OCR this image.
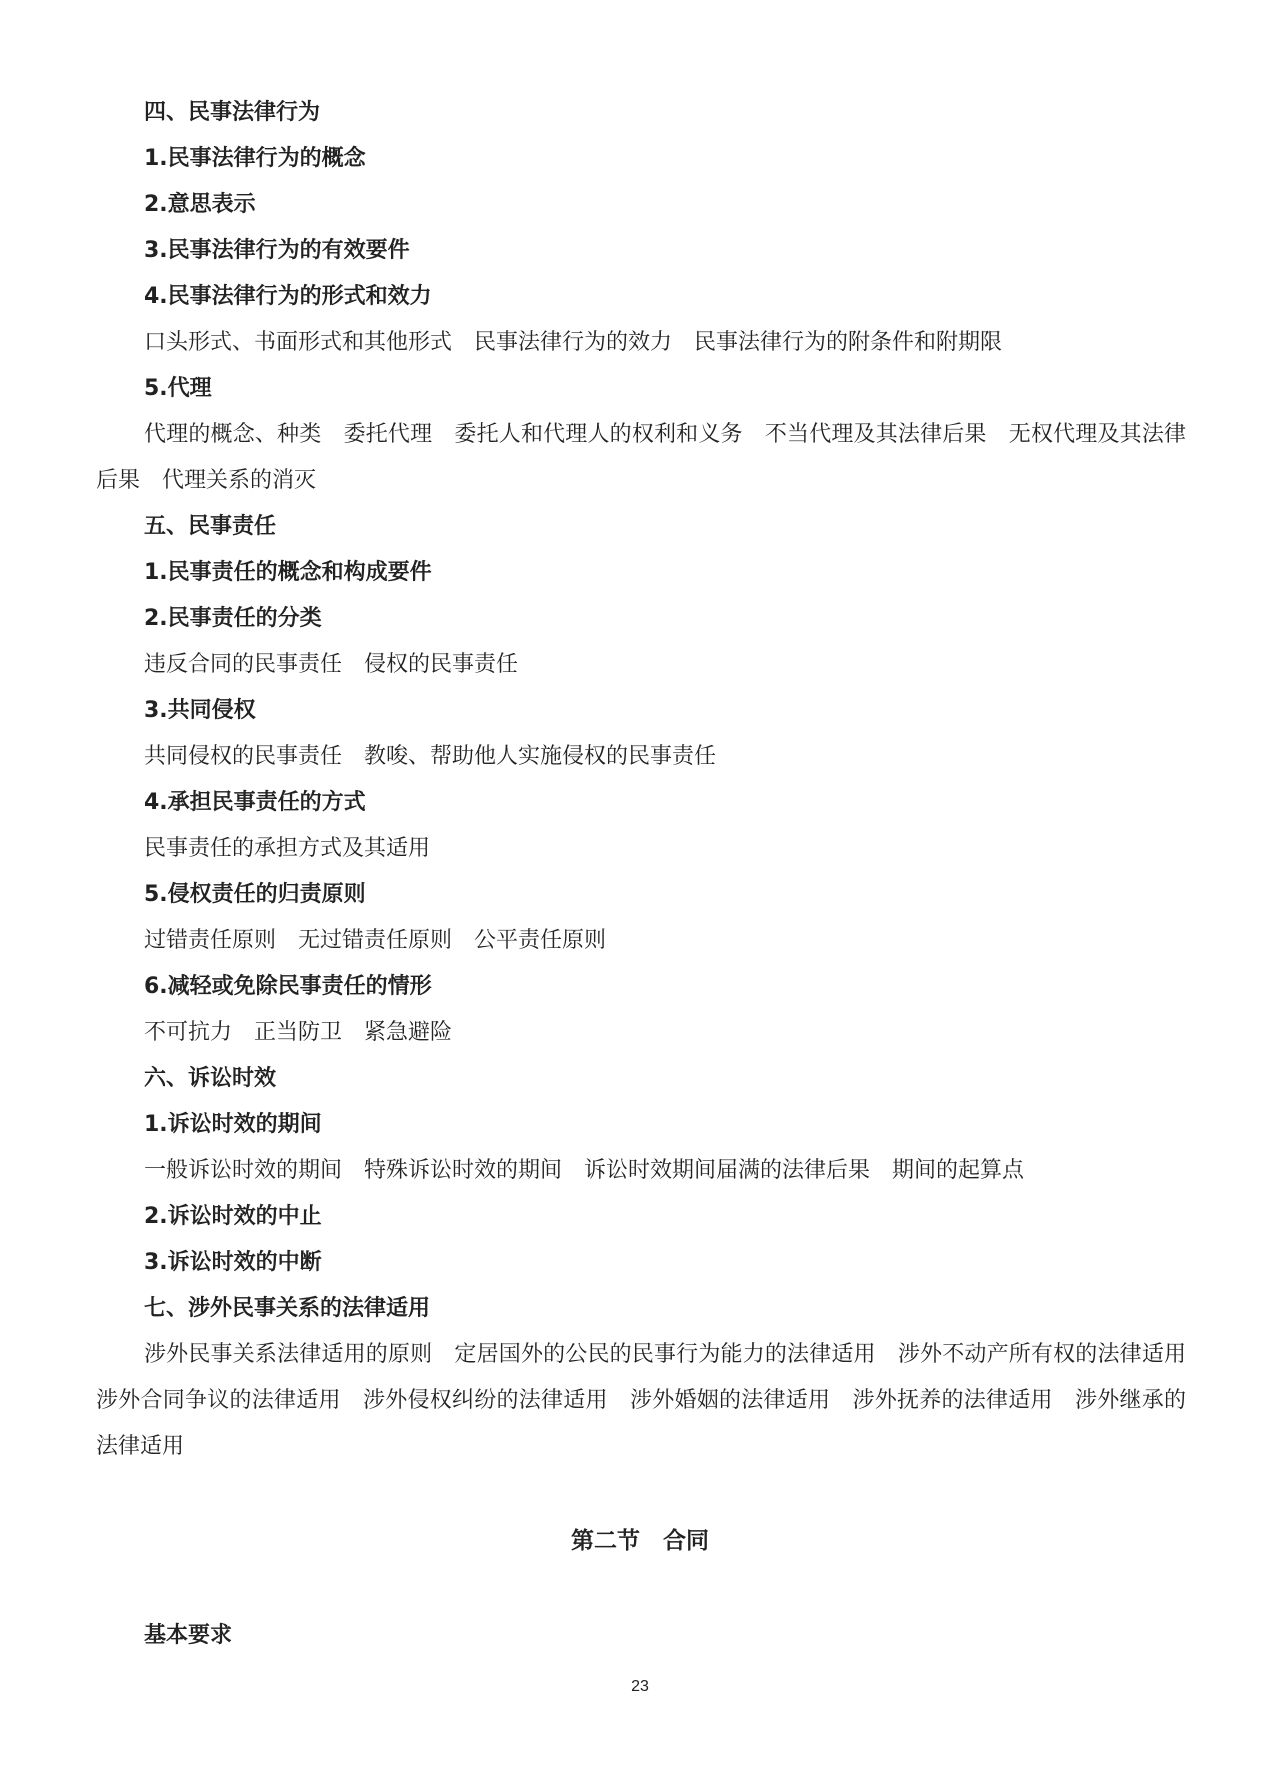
四、民事法律行为
1.民事法律行为的概念
2.意思表示
3.民事法律行为的有效要件
4.民事法律行为的形式和效力
口头形式、书面形式和其他形式　民事法律行为的效力　民事法律行为的附条件和附期限
5.代理
代理的概念、种类　委托代理　委托人和代理人的权利和义务　不当代理及其法律后果　无权代理及其法律后果　代理关系的消灭
五、民事责任
1.民事责任的概念和构成要件
2.民事责任的分类
违反合同的民事责任　侵权的民事责任
3.共同侵权
共同侵权的民事责任　教唆、帮助他人实施侵权的民事责任
4.承担民事责任的方式
民事责任的承担方式及其适用
5.侵权责任的归责原则
过错责任原则　无过错责任原则　公平责任原则
6.减轻或免除民事责任的情形
不可抗力　正当防卫　紧急避险
六、诉讼时效
1.诉讼时效的期间
一般诉讼时效的期间　特殊诉讼时效的期间　诉讼时效期间届满的法律后果　期间的起算点
2.诉讼时效的中止
3.诉讼时效的中断
七、涉外民事关系的法律适用
涉外民事关系法律适用的原则　定居国外的公民的民事行为能力的法律适用　涉外不动产所有权的法律适用　涉外合同争议的法律适用　涉外侵权纠纷的法律适用　涉外婚姻的法律适用　涉外抚养的法律适用　涉外继承的法律适用
第二节　合同
基本要求
23
